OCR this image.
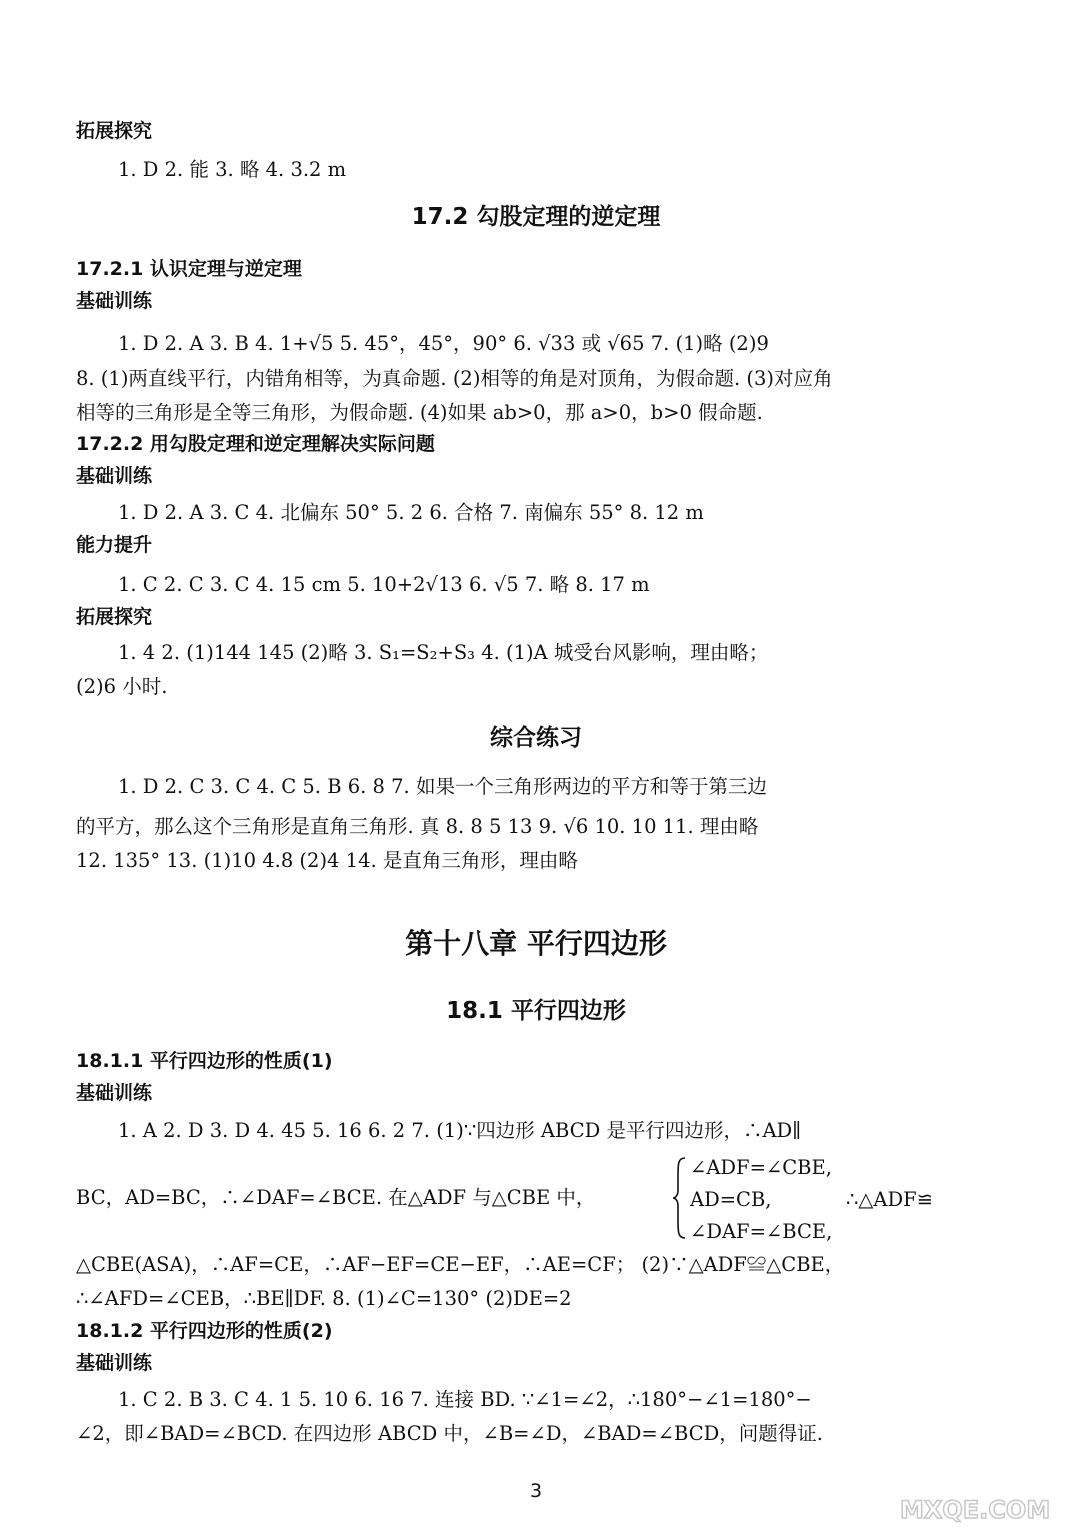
拓展探究
1. D 2. 能 3. 略 4. 3.2 m
17.2 勾股定理的逆定理
17.2.1 认识定理与逆定理
基础训练
1. D 2. A 3. B 4. 1+√5 5. 45°，45°，90° 6. √33 或 √65 7. (1)略 (2)9
8. (1)两直线平行，内错角相等，为真命题. (2)相等的角是对顶角，为假命题. (3)对应角
相等的三角形是全等三角形，为假命题. (4)如果 ab>0，那 a>0，b>0 假命题.
17.2.2 用勾股定理和逆定理解决实际问题
基础训练
1. D 2. A 3. C 4. 北偏东 50° 5. 2 6. 合格 7. 南偏东 55° 8. 12 m
能力提升
1. C 2. C 3. C 4. 15 cm 5. 10+2√13 6. √5 7. 略 8. 17 m
拓展探究
1. 4 2. (1)144 145 (2)略 3. S₁=S₂+S₃ 4. (1)A 城受台风影响，理由略；
(2)6 小时.
综合练习
1. D 2. C 3. C 4. C 5. B 6. 8 7. 如果一个三角形两边的平方和等于第三边
的平方，那么这个三角形是直角三角形. 真 8. 8 5 13 9. √6 10. 10 11. 理由略
12. 135° 13. (1)10 4.8 (2)4 14. 是直角三角形，理由略
第十八章 平行四边形
18.1 平行四边形
18.1.1 平行四边形的性质(1)
基础训练
1. A 2. D 3. D 4. 45 5. 16 6. 2 7. (1)∵四边形 ABCD 是平行四边形，∴AD∥
BC，AD=BC，∴∠DAF=∠BCE. 在△ADF 与△CBE 中，
△CBE(ASA)，∴AF=CE，∴AF−EF=CE−EF，∴AE=CF； (2)∵△ADF≌△CBE，
∴∠AFD=∠CEB，∴BE∥DF. 8. (1)∠C=130° (2)DE=2
18.1.2 平行四边形的性质(2)
基础训练
1. C 2. B 3. C 4. 1 5. 10 6. 16 7. 连接 BD. ∵∠1=∠2，∴180°−∠1=180°−
∠2，即∠BAD=∠BCD. 在四边形 ABCD 中，∠B=∠D，∠BAD=∠BCD，问题得证.
∠ADF=∠CBE,
AD=CB,
∠DAF=∠BCE,
∴△ADF≌
3
MXQE.COM
